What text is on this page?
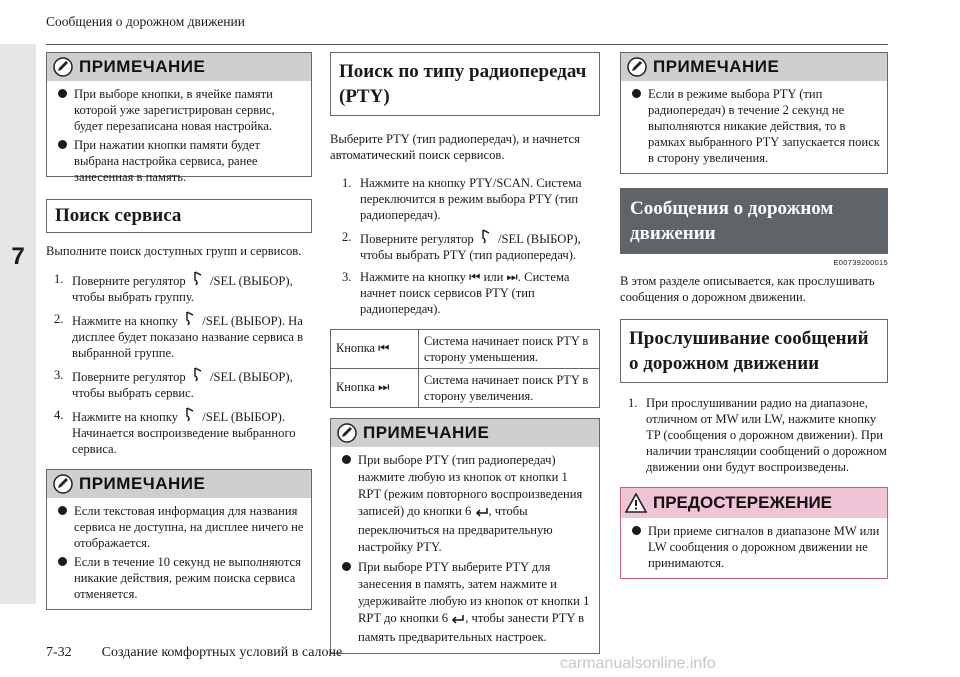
Сообщения о дорожном движении
7
ПРИМЕЧАНИЕ
При выборе кнопки, в ячейке памяти которой уже зарегистрирован сервис, будет перезаписана новая настройка.
При нажатии кнопки памяти будет выбрана настройка сервиса, ранее занесенная в память.
Поиск сервиса
Выполните поиск доступных групп и сервисов.
1. Поверните регулятор /SEL (ВЫБОР), чтобы выбрать группу.
2. Нажмите на кнопку /SEL (ВЫБОР). На дисплее будет показано название сервиса в выбранной группе.
3. Поверните регулятор /SEL (ВЫБОР), чтобы выбрать сервис.
4. Нажмите на кнопку /SEL (ВЫБОР). Начинается воспроизведение выбранного сервиса.
ПРИМЕЧАНИЕ
Если текстовая информация для названия сервиса не доступна, на дисплее ничего не отображается.
Если в течение 10 секунд не выполняются никакие действия, режим поиска сервиса отменяется.
Поиск по типу радиопередач (PTY)
Выберите PTY (тип радиопередач), и начнется автоматический поиск сервисов.
1. Нажмите на кнопку PTY/SCAN. Система переключится в режим выбора PTY (тип радиопередач).
2. Поверните регулятор /SEL (ВЫБОР), чтобы выбрать PTY (тип радиопередач).
3. Нажмите на кнопку ⏮ или ⏭. Система начнет поиск сервисов PTY (тип радиопередач).
Кнопка ⏮	Система начинает поиск PTY в сторону уменьшения.
Кнопка ⏭	Система начинает поиск PTY в сторону увеличения.
ПРИМЕЧАНИЕ
При выборе PTY (тип радиопередач) нажмите любую из кнопок от кнопки 1 RPT (режим повторного воспроизведения записей) до кнопки 6 , чтобы переключиться на предварительную настройку PTY.
При выборе PTY выберите PTY для занесения в память, затем нажмите и удерживайте любую из кнопок от кнопки 1 RPT до кнопки 6 , чтобы занести PTY в память предварительных настроек.
ПРИМЕЧАНИЕ
Если в режиме выбора PTY (тип радиопередач) в течение 2 секунд не выполняются никакие действия, то в рамках выбранного PTY запускается поиск в сторону увеличения.
Сообщения о дорожном движении
E00739200015
В этом разделе описывается, как прослушивать сообщения о дорожном движении.
Прослушивание сообщений о дорожном движении
1. При прослушивании радио на диапазоне, отличном от MW или LW, нажмите кнопку TP (сообщения о дорожном движении). При наличии трансляции сообщений о дорожном движении они будут воспроизведены.
ПРЕДОСТЕРЕЖЕНИЕ
При приеме сигналов в диапазоне MW или LW сообщения о дорожном движении не принимаются.
7-32 Создание комфортных условий в салоне
carmanualsonline.info
